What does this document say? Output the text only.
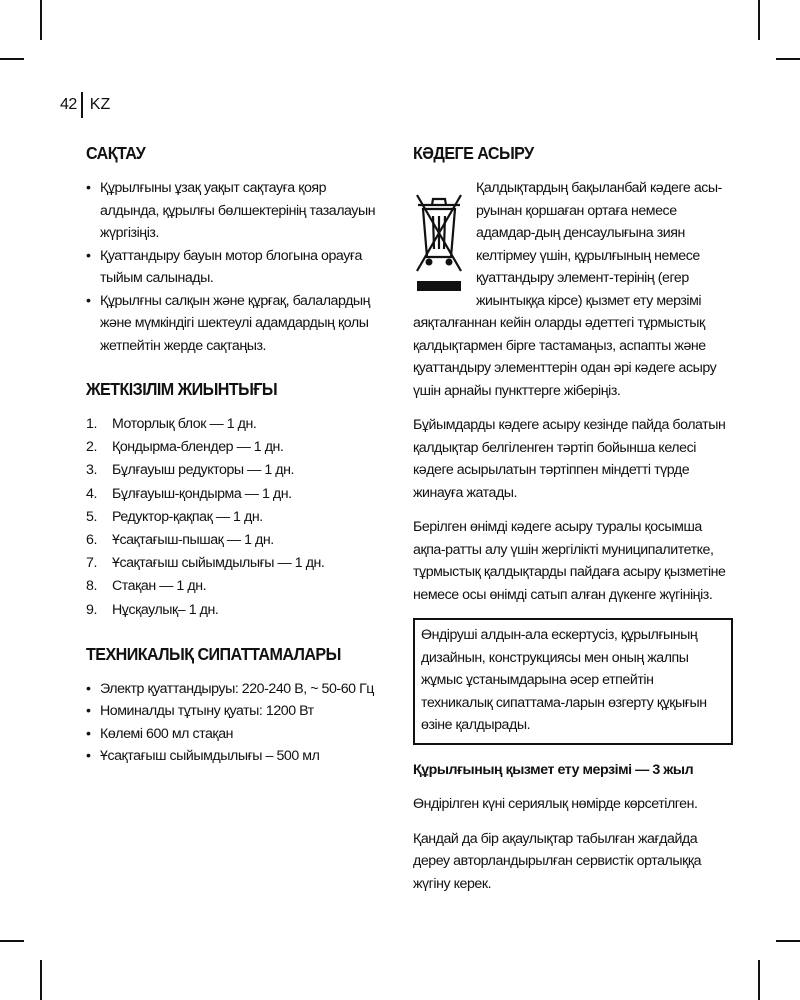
42 KZ
САҚТАУ
• Құрылғыны ұзақ уақыт сақтауға қояр алдында, құрылғы бөлшектерінің тазалауын жүргізіңіз.
• Қуаттандыру бауын мотор блогына орауға тыйым салынады.
• Құрылғны салқын және құрғақ, балалардың және мүмкіндігі шектеулі адамдардың қолы жетпейтін жерде сақтаңыз.
ЖЕТКІЗІЛІМ ЖИЫНТЫҒЫ
1.	Моторлық блок — 1 дн.
2.	Қондырма-блендер — 1 дн.
3.	Бұлғауыш редукторы — 1 дн.
4.	Бұлғауыш-қондырма — 1 дн.
5.	Редуктор-қақпақ — 1 дн.
6.	Ұсақтағыш-пышақ — 1 дн.
7.	Ұсақтағыш сыйымдылығы — 1 дн.
8.	Стақан — 1 дн.
9.	Нұсқаулық– 1 дн.
ТЕХНИКАЛЫҚ СИПАТТАМАЛАРЫ
• Электр қуаттандыруы: 220-240 В, ~ 50-60 Гц
• Номиналды тұтыну қуаты: 1200 Вт
• Көлемі 600 мл стақан
• Ұсақтағыш сыйымдылығы – 500 мл
КӘДЕГЕ АСЫРУ

Қалдықтардың бақыланбай кәдеге асы-руынан қоршаған ортаға немесе адамдар-дың денсаулығына зиян келтірмеу үшін, құрылғының немесе қуаттандыру элемент-терінің (егер жиынтыққа кірсе) қызмет ету мерзімі аяқталғаннан кейін оларды әдеттегі тұрмыстық қалдықтармен бірге тастамаңыз, аспапты және қуаттандыру элементтерін одан әрі кәдеге асыру үшін арнайы пункттерге жіберіңіз.

Бұйымдарды кәдеге асыру кезінде пайда болатын қалдықтар белгіленген тәртіп бойынша келесі кәдеге асырылатын тәртіппен міндетті түрде жинауға жатады.

Берілген өнімді кәдеге асыру туралы қосымша ақпа-ратты алу үшін жергілікті муниципалитетке, тұрмыстық қалдықтарды пайдаға асыру қызметіне немесе осы өнімді сатып алған дүкенге жүгініңіз.

Өндіруші алдын-ала ескертусіз, құрылғының дизайнын, конструкциясы мен оның жалпы жұмыс ұстанымдарына әсер етпейтін техникалық сипаттама-ларын өзгерту құқығын өзіне қалдырады.

Құрылғының қызмет ету мерзімі — 3 жыл

Өндірілген күні сериялық нөмірде көрсетілген.

Қандай да бір ақаулықтар табылған жағдайда дереу авторландырылған сервистік орталыққа жүгіну керек.
